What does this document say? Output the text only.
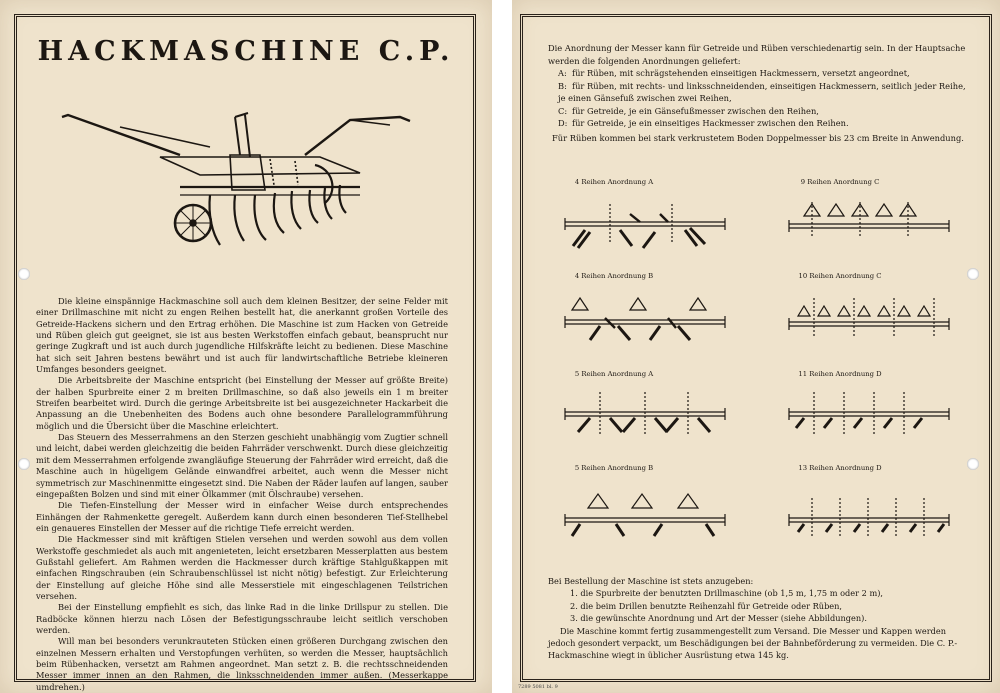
HACKMASCHINE C.P.

Die kleine einspännige Hackmaschine soll auch dem kleinen Besitzer, der seine Felder mit einer Drillmaschine mit nicht zu engen Reihen bestellt hat, die anerkannt großen Vorteile des Getreide-Hackens sichern und den Ertrag erhöhen. Die Maschine ist zum Hacken von Getreide und Rüben gleich gut geeignet, sie ist aus besten Werkstoffen einfach gebaut, beansprucht nur geringe Zugkraft und ist auch durch jugendliche Hilfskräfte leicht zu bedienen. Diese Maschine hat sich seit Jahren bestens bewährt und ist auch für landwirtschaftliche Betriebe kleineren Umfanges besonders geeignet.

Die Arbeitsbreite der Maschine entspricht (bei Einstellung der Messer auf größte Breite) der halben Spurbreite einer 2 m breiten Drillmaschine, so daß also jeweils ein 1 m breiter Streifen bearbeitet wird. Durch die geringe Arbeitsbreite ist bei ausgezeichneter Hackarbeit die Anpassung an die Unebenheiten des Bodens auch ohne besondere Parallelogrammführung möglich und die Übersicht über die Maschine erleichtert.

Das Steuern des Messerrahmens an den Sterzen geschieht unabhängig vom Zugtier schnell und leicht, dabei werden gleichzeitig die beiden Fahrräder verschwenkt. Durch diese gleichzeitig mit dem Messerrahmen erfolgende zwangläufige Steuerung der Fahrräder wird erreicht, daß die Maschine auch in hügeligem Gelände einwandfrei arbeitet, auch wenn die Messer nicht symmetrisch zur Maschinenmitte eingesetzt sind. Die Naben der Räder laufen auf langen, sauber eingepaßten Bolzen und sind mit einer Ölkammer (mit Ölschraube) versehen.

Die Tiefen-Einstellung der Messer wird in einfacher Weise durch entsprechendes Einhängen der Rahmenkette geregelt. Außerdem kann durch einen besonderen Tief-Stellhebel ein genaueres Einstellen der Messer auf die richtige Tiefe erreicht werden.

Die Hackmesser sind mit kräftigen Stielen versehen und werden sowohl aus dem vollen Werkstoffe geschmiedet als auch mit angenieteten, leicht ersetzbaren Messerplatten aus bestem Gußstahl geliefert. Am Rahmen werden die Hackmesser durch kräftige Stahlgußkappen mit einfachen Ringschrauben (ein Schraubenschlüssel ist nicht nötig) befestigt. Zur Erleichterung der Einstellung auf gleiche Höhe sind alle Messerstiele mit eingeschlagenen Teilstrichen versehen.

Bei der Einstellung empfiehlt es sich, das linke Rad in die linke Drillspur zu stellen. Die Radböcke können hierzu nach Lösen der Befestigungsschraube leicht seitlich verschoben werden.

Will man bei besonders verunkrauteten Stücken einen größeren Durchgang zwischen den einzelnen Messern erhalten und Verstopfungen verhüten, so werden die Messer, hauptsächlich beim Rübenhacken, versetzt am Rahmen angeordnet. Man setzt z. B. die rechtsschneidenden Messer immer innen an den Rahmen, die linksschneidenden immer außen. (Messerkappe umdrehen.)

Die Anordnung der Messer kann für Getreide und Rüben verschiedenartig sein. In der Hauptsache werden die folgenden Anordnungen geliefert:

A: für Rüben, mit schrägstehenden einseitigen Hackmessern, versetzt angeordnet,

B: für Rüben, mit rechts- und linksschneidenden, einseitigen Hackmessern, seitlich jeder Reihe, je einen Gänsefuß zwischen zwei Reihen,

C: für Getreide, je ein Gänsefußmesser zwischen den Reihen,

D: für Getreide, je ein einseitiges Hackmesser zwischen den Reihen.

Für Rüben kommen bei stark verkrustetem Boden Doppelmesser bis 23 cm Breite in Anwendung.

4 Reihen Anordnung A	9 Reihen Anordnung C
4 Reihen Anordnung B	10 Reihen Anordnung C
5 Reihen Anordnung A	11 Reihen Anordnung D
5 Reihen Anordnung B	13 Reihen Anordnung D

Bei Bestellung der Maschine ist stets anzugeben:

1. die Spurbreite der benutzten Drillmaschine (ob 1,5 m, 1,75 m oder 2 m),

2. die beim Drillen benutzte Reihenzahl für Getreide oder Rüben,

3. die gewünschte Anordnung und Art der Messer (siehe Abbildungen).

Die Maschine kommt fertig zusammengestellt zum Versand. Die Messer und Kappen werden jedoch gesondert verpackt, um Beschädigungen bei der Bahnbeförderung zu vermeiden. Die C. P.-Hackmaschine wiegt in üblicher Ausrüstung etwa 145 kg.

7289 5081 bl. 9
